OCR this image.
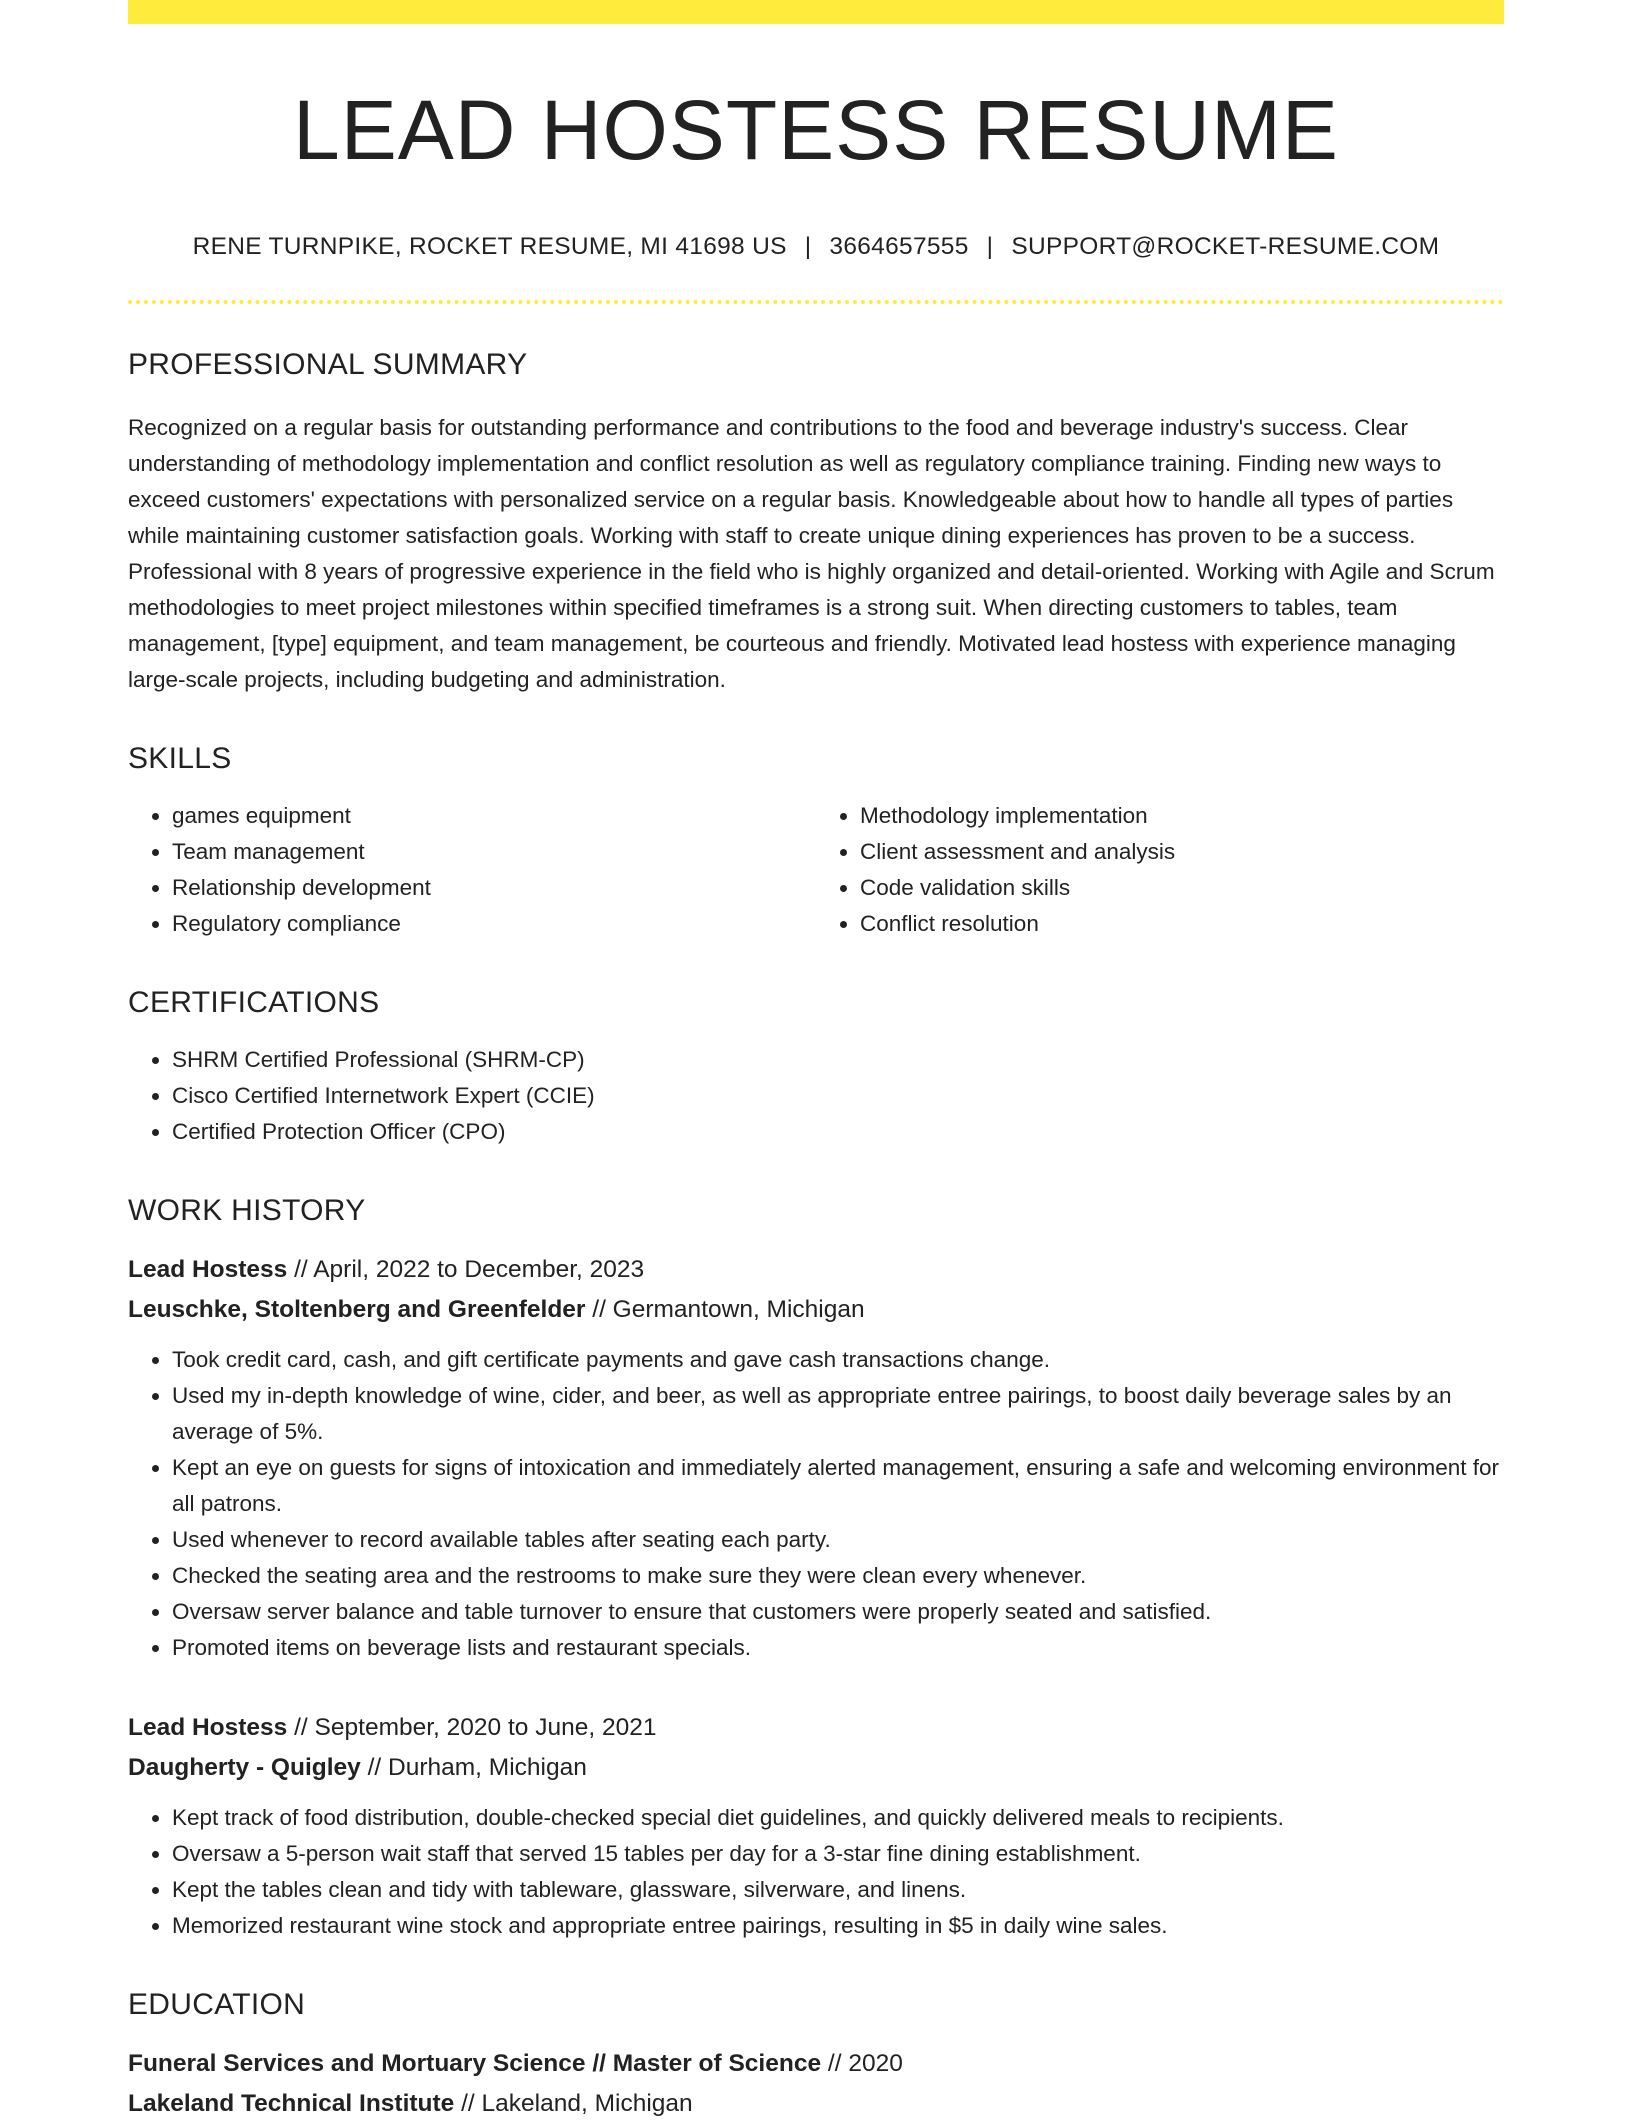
LEAD HOSTESS RESUME
RENE TURNPIKE, ROCKET RESUME, MI 41698 US | 3664657555 | SUPPORT@ROCKET-RESUME.COM
PROFESSIONAL SUMMARY

Recognized on a regular basis for outstanding performance and contributions to the food and beverage industry's success. Clear understanding of methodology implementation and conflict resolution as well as regulatory compliance training. Finding new ways to exceed customers' expectations with personalized service on a regular basis. Knowledgeable about how to handle all types of parties while maintaining customer satisfaction goals. Working with staff to create unique dining experiences has proven to be a success. Professional with 8 years of progressive experience in the field who is highly organized and detail-oriented. Working with Agile and Scrum methodologies to meet project milestones within specified timeframes is a strong suit. When directing customers to tables, team management, [type] equipment, and team management, be courteous and friendly. Motivated lead hostess with experience managing large-scale projects, including budgeting and administration.

SKILLS
• games equipment
• Team management
• Relationship development
• Regulatory compliance
• Methodology implementation
• Client assessment and analysis
• Code validation skills
• Conflict resolution
CERTIFICATIONS
• SHRM Certified Professional (SHRM-CP)
• Cisco Certified Internetwork Expert (CCIE)
• Certified Protection Officer (CPO)
WORK HISTORY
Lead Hostess // April, 2022 to December, 2023
Leuschke, Stoltenberg and Greenfelder // Germantown, Michigan
• Took credit card, cash, and gift certificate payments and gave cash transactions change.
• Used my in-depth knowledge of wine, cider, and beer, as well as appropriate entree pairings, to boost daily beverage sales by an average of 5%.
• Kept an eye on guests for signs of intoxication and immediately alerted management, ensuring a safe and welcoming environment for all patrons.
• Used whenever to record available tables after seating each party.
• Checked the seating area and the restrooms to make sure they were clean every whenever.
• Oversaw server balance and table turnover to ensure that customers were properly seated and satisfied.
• Promoted items on beverage lists and restaurant specials.
Lead Hostess // September, 2020 to June, 2021
Daugherty - Quigley // Durham, Michigan
• Kept track of food distribution, double-checked special diet guidelines, and quickly delivered meals to recipients.
• Oversaw a 5-person wait staff that served 15 tables per day for a 3-star fine dining establishment.
• Kept the tables clean and tidy with tableware, glassware, silverware, and linens.
• Memorized restaurant wine stock and appropriate entree pairings, resulting in $5 in daily wine sales.
EDUCATION
Funeral Services and Mortuary Science // Master of Science // 2020
Lakeland Technical Institute // Lakeland, Michigan
